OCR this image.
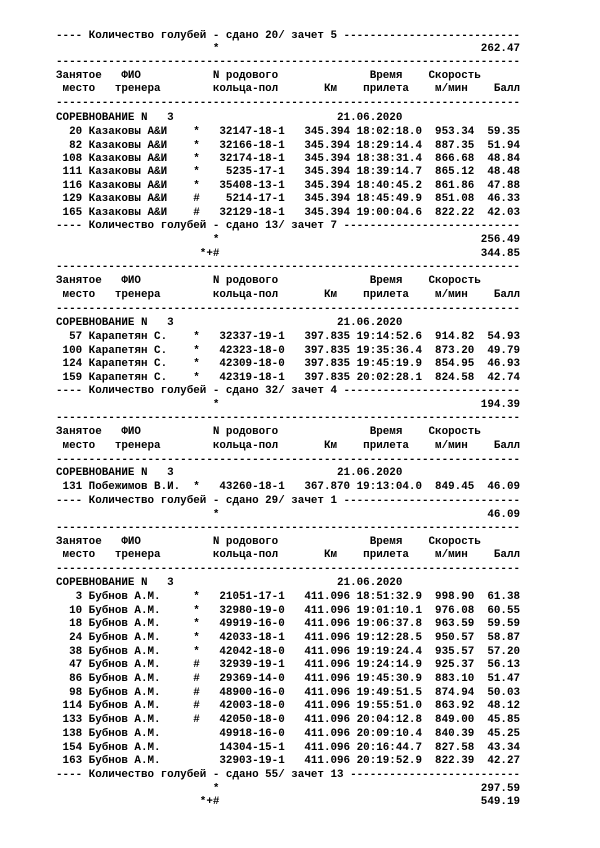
---- Количество голубей - сдано 20/ зачет 5 ---------------------------
*                                        262.47
-----------------------------------------------------------------------
Занятое   ФИО           N родового              Время    Скорость
место   тренера        кольца-пол       Км    прилета    м/мин    Балл
-----------------------------------------------------------------------
СОРЕВНОВАНИЕ N   3                         21.06.2020
20 Казаковы А&И    *   32147-18-1   345.394 18:02:18.0  953.34  59.35
82 Казаковы А&И    *   32166-18-1   345.394 18:29:14.4  887.35  51.94
108 Казаковы А&И    *   32174-18-1   345.394 18:38:31.4  866.68  48.84
111 Казаковы А&И    *    5235-17-1   345.394 18:39:14.7  865.12  48.48
116 Казаковы А&И    *   35408-13-1   345.394 18:40:45.2  861.86  47.88
129 Казаковы А&И    #    5214-17-1   345.394 18:45:49.9  851.08  46.33
165 Казаковы А&И    #   32129-18-1   345.394 19:00:04.6  822.22  42.03
---- Количество голубей - сдано 13/ зачет 7 ---------------------------
*                                        256.49
*+#                                        344.85
-----------------------------------------------------------------------
Занятое   ФИО           N родового              Время    Скорость
место   тренера        кольца-пол       Км    прилета    м/мин    Балл
-----------------------------------------------------------------------
СОРЕВНОВАНИЕ N   3                         21.06.2020
57 Карапетян С.    *   32337-19-1   397.835 19:14:52.6  914.82  54.93
100 Карапетян С.    *   42323-18-0   397.835 19:35:36.4  873.20  49.79
124 Карапетян С.    *   42309-18-0   397.835 19:45:19.9  854.95  46.93
159 Карапетян С.    *   42319-18-1   397.835 20:02:28.1  824.58  42.74
---- Количество голубей - сдано 32/ зачет 4 ---------------------------
*                                        194.39
-----------------------------------------------------------------------
Занятое   ФИО           N родового              Время    Скорость
место   тренера        кольца-пол       Км    прилета    м/мин    Балл
-----------------------------------------------------------------------
СОРЕВНОВАНИЕ N   3                         21.06.2020
131 Побежимов В.И.  *   43260-18-1   367.870 19:13:04.0  849.45  46.09
---- Количество голубей - сдано 29/ зачет 1 ---------------------------
*                                         46.09
-----------------------------------------------------------------------
Занятое   ФИО           N родового              Время    Скорость
место   тренера        кольца-пол       Км    прилета    м/мин    Балл
-----------------------------------------------------------------------
СОРЕВНОВАНИЕ N   3                         21.06.2020
3 Бубнов А.М.     *   21051-17-1   411.096 18:51:32.9  998.90  61.38
10 Бубнов А.М.     *   32980-19-0   411.096 19:01:10.1  976.08  60.55
18 Бубнов А.М.     *   49919-16-0   411.096 19:06:37.8  963.59  59.59
24 Бубнов А.М.     *   42033-18-1   411.096 19:12:28.5  950.57  58.87
38 Бубнов А.М.     *   42042-18-0   411.096 19:19:24.4  935.57  57.20
47 Бубнов А.М.     #   32939-19-1   411.096 19:24:14.9  925.37  56.13
86 Бубнов А.М.     #   29369-14-0   411.096 19:45:30.9  883.10  51.47
98 Бубнов А.М.     #   48900-16-0   411.096 19:49:51.5  874.94  50.03
114 Бубнов А.М.     #   42003-18-0   411.096 19:55:51.0  863.92  48.12
133 Бубнов А.М.     #   42050-18-0   411.096 20:04:12.8  849.00  45.85
138 Бубнов А.М.         49918-16-0   411.096 20:09:10.4  840.39  45.25
154 Бубнов А.М.         14304-15-1   411.096 20:16:44.7  827.58  43.34
163 Бубнов А.М.         32903-19-1   411.096 20:19:52.9  822.39  42.27
---- Количество голубей - сдано 55/ зачет 13 --------------------------
*                                        297.59
*+#                                        549.19
